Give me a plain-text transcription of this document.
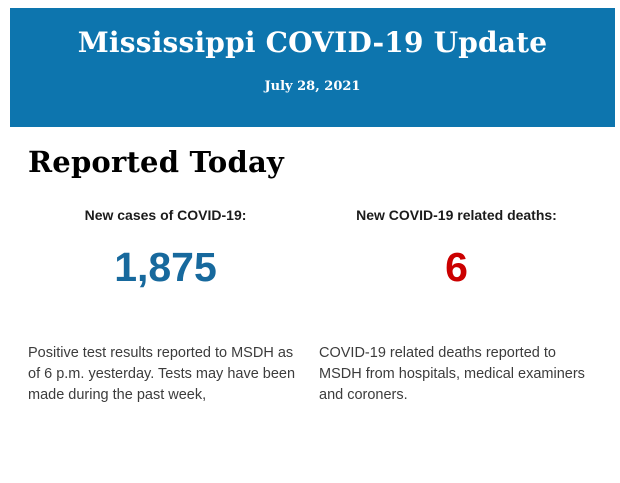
Mississippi COVID-19 Update
July 28, 2021
Reported Today
New cases of COVID-19:
1,875

Positive test results reported to MSDH as of 6 p.m. yesterday. Tests may have been made during the past week,

New COVID-19 related deaths:
6

COVID-19 related deaths reported to MSDH from hospitals, medical examiners and coroners.
